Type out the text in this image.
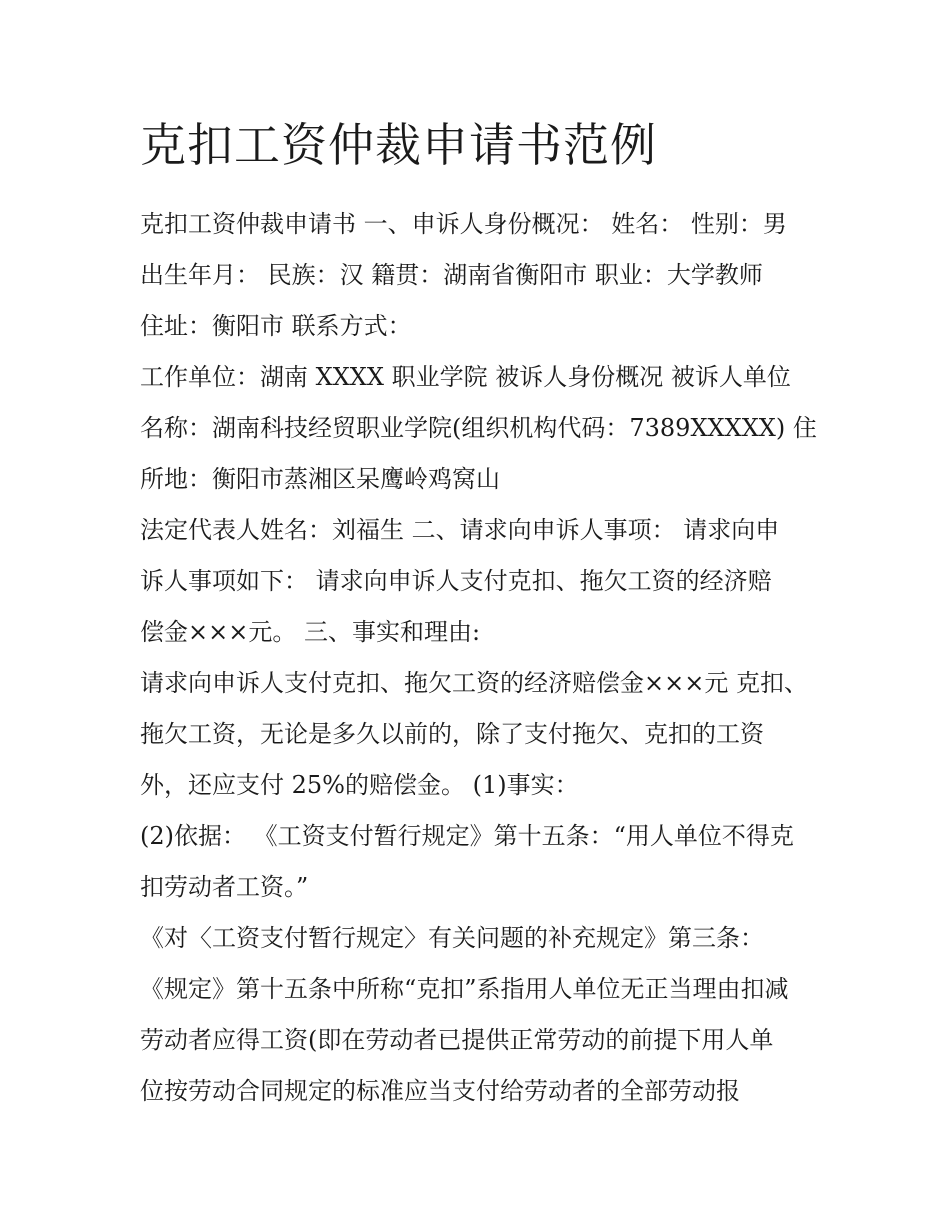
克扣工资仲裁申请书范例
克扣工资仲裁申请书 一、申诉人身份概况： 姓名： 性别：男
出生年月： 民族：汉 籍贯：湖南省衡阳市 职业：大学教师
住址：衡阳市 联系方式：
工作单位：湖南 XXXX 职业学院 被诉人身份概况 被诉人单位
名称：湖南科技经贸职业学院(组织机构代码：7389XXXXX) 住
所地：衡阳市蒸湘区呆鹰岭鸡窝山
法定代表人姓名：刘福生 二、请求向申诉人事项： 请求向申
诉人事项如下： 请求向申诉人支付克扣、拖欠工资的经济赔
偿金×××元。 三、事实和理由:
请求向申诉人支付克扣、拖欠工资的经济赔偿金×××元 克扣、
拖欠工资，无论是多久以前的，除了支付拖欠、克扣的工资
外，还应支付 25%的赔偿金。 (1)事实：
(2)依据： 《工资支付暂行规定》第十五条：“用人单位不得克
扣劳动者工资。”
《对〈工资支付暂行规定〉有关问题的补充规定》第三条：
《规定》第十五条中所称“克扣”系指用人单位无正当理由扣减
劳动者应得工资(即在劳动者已提供正常劳动的前提下用人单
位按劳动合同规定的标准应当支付给劳动者的全部劳动报
